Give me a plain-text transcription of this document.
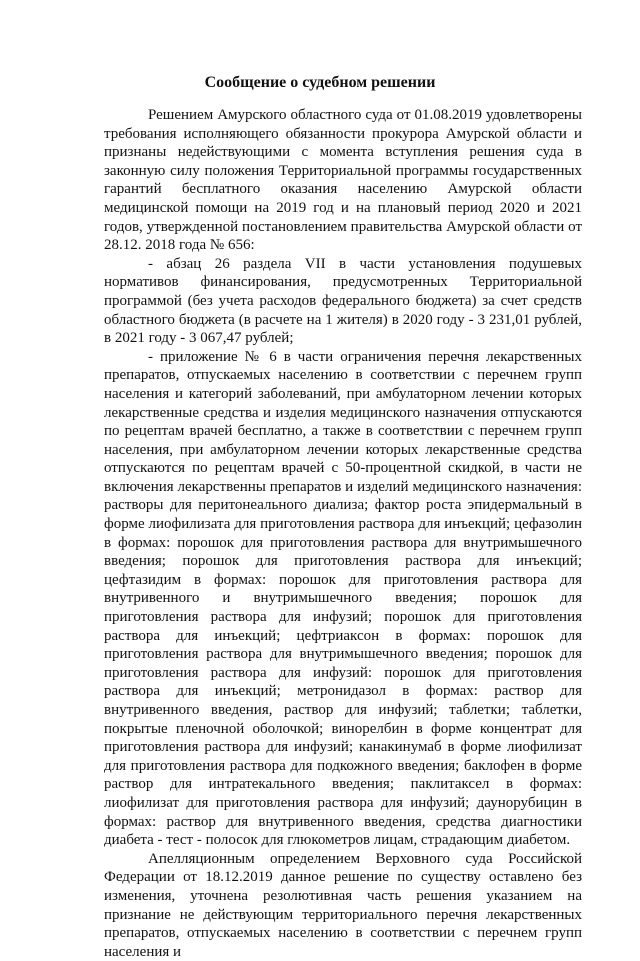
Сообщение о судебном решении

Решением Амурского областного суда от 01.08.2019 удовлетворены требования исполняющего обязанности прокурора Амурской области и признаны недействующими с момента вступления решения суда в законную силу положения Территориальной программы государственных гарантий бесплатного оказания населению Амурской области медицинской помощи на 2019 год и на плановый период 2020 и 2021 годов, утвержденной постановлением правительства Амурской области от 28.12. 2018 года № 656:

- абзац 26 раздела VII в части установления подушевых нормативов финансирования, предусмотренных Территориальной программой (без учета расходов федерального бюджета) за счет средств областного бюджета (в расчете на 1 жителя) в 2020 году - 3 231,01 рублей, в 2021 году - 3 067,47 рублей;

- приложение № 6 в части ограничения перечня лекарственных препаратов, отпускаемых населению в соответствии с перечнем групп населения и категорий заболеваний, при амбулаторном лечении которых лекарственные средства и изделия медицинского назначения отпускаются по рецептам врачей бесплатно, а также в соответствии с перечнем групп населения, при амбулаторном лечении которых лекарственные средства отпускаются по рецептам врачей с 50-процентной скидкой, в части не включения лекарственны препаратов и изделий медицинского назначения: растворы для перитонеального диализа; фактор роста эпидермальный в форме лиофилизата для приготовления раствора для инъекций; цефазолин в формах: порошок для приготовления раствора для внутримышечного введения; порошок для приготовления раствора для инъекций; цефтазидим в формах: порошок для приготовления раствора для внутривенного и внутримышечного введения; порошок для приготовления раствора для инфузий; порошок для приготовления раствора для инъекций; цефтриаксон в формах: порошок для приготовления раствора для внутримышечного введения; порошок для приготовления раствора для инфузий: порошок для приготовления раствора для инъекций; метронидазол в формах: раствор для внутривенного введения, раствор для инфузий; таблетки; таблетки, покрытые пленочной оболочкой; винорелбин в форме концентрат для приготовления раствора для инфузий; канакинумаб в форме лиофилизат для приготовления раствора для подкожного введения; баклофен в форме раствор для интратекального введения; паклитаксел в формах: лиофилизат для приготовления раствора для инфузий; даунорубицин в формах: раствор для внутривенного введения, средства диагностики диабета - тест - полосок для глюкометров лицам, страдающим диабетом.

Апелляционным определением Верховного суда Российской Федерации от 18.12.2019 данное решение по существу оставлено без изменения, уточнена резолютивная часть решения указанием на признание не действующим территориального перечня лекарственных препаратов, отпускаемых населению в соответствии с перечнем групп населения и
